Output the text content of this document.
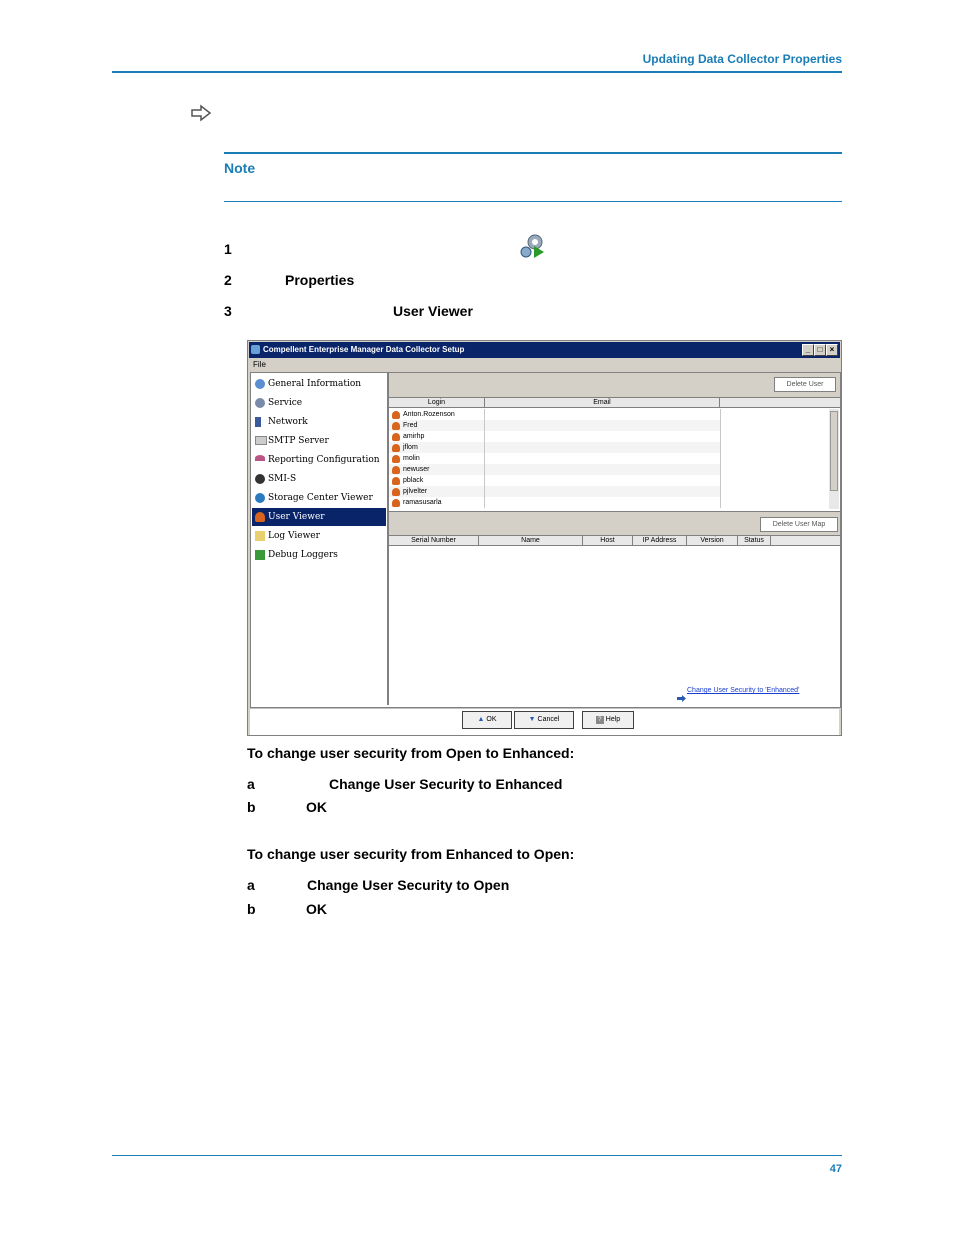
Updating Data Collector Properties
Note
1
2	Properties
3	User Viewer
Compellent Enterprise Manager Data Collector Setup	_ □ ×
File
General Information
Service
Network
SMTP Server
Reporting Configuration
SMI-S
Storage Center Viewer
User Viewer
Log Viewer
Debug Loggers
Delete User
Login	Email
Anton.Rozenson
Fred
amirhp
jflom
molin
newuser
pblack
pjlvelter
ramasusarla
Delete User Map
Serial Number	Name	Host	IP Address	Version	Status
Change User Security to 'Enhanced'
▲ OK	▼ Cancel	? Help
To change user security from Open to Enhanced:
a	Change User Security to Enhanced
b	OK
To change user security from Enhanced to Open:
a	Change User Security to Open
b	OK
47
